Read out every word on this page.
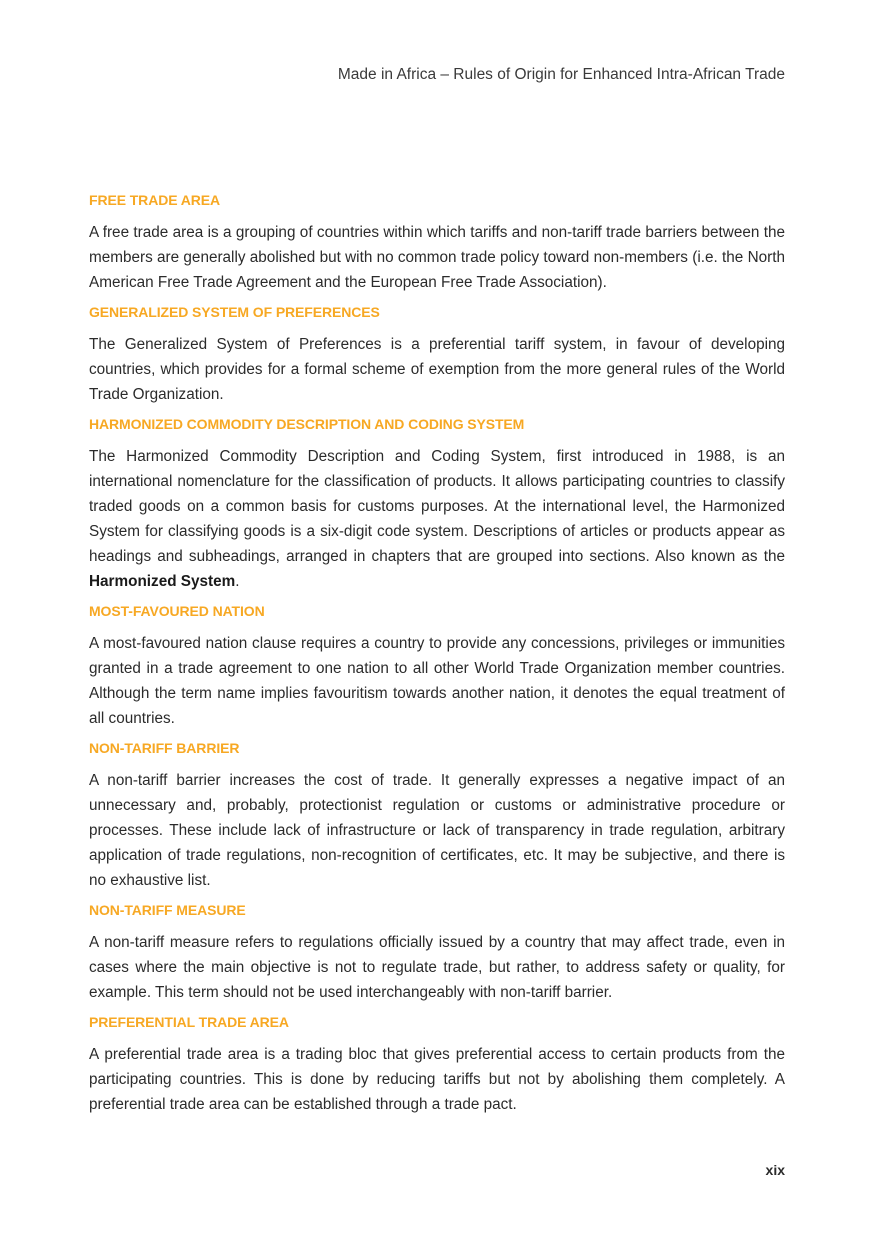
Made in Africa – Rules of Origin for Enhanced Intra-African Trade

FREE TRADE AREA

A free trade area is a grouping of countries within which tariffs and non-tariff trade barriers between the members are generally abolished but with no common trade policy toward non-members (i.e. the North American Free Trade Agreement and the European Free Trade Association).

GENERALIZED SYSTEM OF PREFERENCES

The Generalized System of Preferences is a preferential tariff system, in favour of developing countries, which provides for a formal scheme of exemption from the more general rules of the World Trade Organization.

HARMONIZED COMMODITY DESCRIPTION AND CODING SYSTEM

The Harmonized Commodity Description and Coding System, first introduced in 1988, is an international nomenclature for the classification of products. It allows participating countries to classify traded goods on a common basis for customs purposes. At the international level, the Harmonized System for classifying goods is a six-digit code system. Descriptions of articles or products appear as headings and subheadings, arranged in chapters that are grouped into sections. Also known as the Harmonized System.

MOST-FAVOURED NATION

A most-favoured nation clause requires a country to provide any concessions, privileges or immunities granted in a trade agreement to one nation to all other World Trade Organization member countries. Although the term name implies favouritism towards another nation, it denotes the equal treatment of all countries.

NON-TARIFF BARRIER

A non-tariff barrier increases the cost of trade. It generally expresses a negative impact of an unnecessary and, probably, protectionist regulation or customs or administrative procedure or processes. These include lack of infrastructure or lack of transparency in trade regulation, arbitrary application of trade regulations, non-recognition of certificates, etc. It may be subjective, and there is no exhaustive list.

NON-TARIFF MEASURE

A non-tariff measure refers to regulations officially issued by a country that may affect trade, even in cases where the main objective is not to regulate trade, but rather, to address safety or quality, for example. This term should not be used interchangeably with non-tariff barrier.

PREFERENTIAL TRADE AREA

A preferential trade area is a trading bloc that gives preferential access to certain products from the participating countries. This is done by reducing tariffs but not by abolishing them completely. A preferential trade area can be established through a trade pact.

xix
